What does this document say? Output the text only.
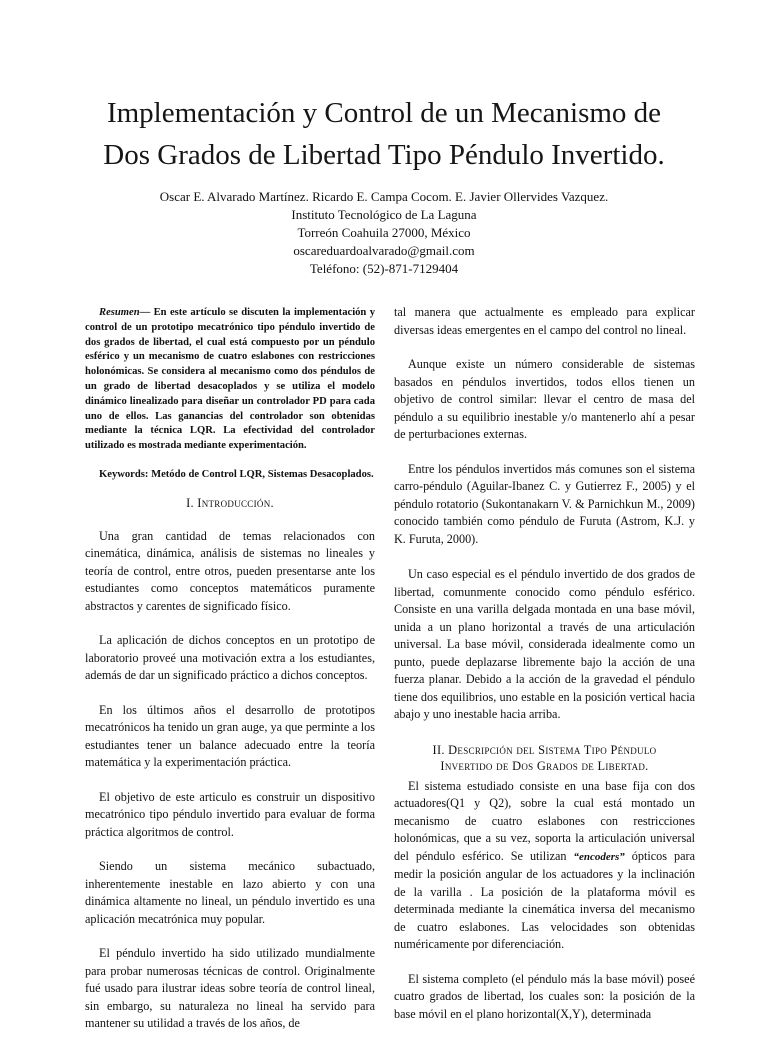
Implementación y Control de un Mecanismo de
Dos Grados de Libertad Tipo Péndulo Invertido.
Oscar E. Alvarado Martínez. Ricardo E. Campa Cocom. E. Javier Ollervides Vazquez.
Instituto Tecnológico de La Laguna
Torreón Coahuila 27000, México
oscareduardoalvarado@gmail.com
Teléfono: (52)-871-7129404

Resumen— En este artículo se discuten la implementación y control de un prototipo mecatrónico tipo péndulo invertido de dos grados de libertad, el cual está compuesto por un péndulo esférico y un mecanismo de cuatro eslabones con restricciones holonómicas. Se considera al mecanismo como dos péndulos de un grado de libertad desacoplados y se utiliza el modelo dinámico linealizado para diseñar un controlador PD para cada uno de ellos. Las ganancias del controlador son obtenidas mediante la técnica LQR. La efectividad del controlador utilizado es mostrada mediante experimentación.

Keywords: Metódo de Control LQR, Sistemas Desacoplados.

I. Introducción.

Una gran cantidad de temas relacionados con cinemática, dinámica, análisis de sistemas no lineales y teoría de control, entre otros, pueden presentarse ante los estudiantes como conceptos matemáticos puramente abstractos y carentes de significado físico.

La aplicación de dichos conceptos en un prototipo de laboratorio proveé una motivación extra a los estudiantes, además de dar un significado práctico a dichos conceptos.

En los últimos años el desarrollo de prototipos mecatrónicos ha tenido un gran auge, ya que perminte a los estudiantes tener un balance adecuado entre la teoría matemática y la experimentación práctica.

El objetivo de este articulo es construir un dispositivo mecatrónico tipo péndulo invertido para evaluar de forma práctica algoritmos de control.

Siendo un sistema mecánico subactuado, inherentemente inestable en lazo abierto y con una dinámica altamente no lineal, un péndulo invertido es una aplicación mecatrónica muy popular.

El péndulo invertido ha sido utilizado mundialmente para probar numerosas técnicas de control. Originalmente fué usado para ilustrar ideas sobre teoría de control lineal, sin embargo, su naturaleza no lineal ha servido para mantener su utilidad a través de los años, de

tal manera que actualmente es empleado para explicar diversas ideas emergentes en el campo del control no lineal.

Aunque existe un número considerable de sistemas basados en péndulos invertidos, todos ellos tienen un objetivo de control similar: llevar el centro de masa del péndulo a su equilibrio inestable y/o mantenerlo ahí a pesar de perturbaciones externas.

Entre los péndulos invertidos más comunes son el sistema carro-péndulo (Aguilar-Ibanez C. y Gutierrez F., 2005) y el péndulo rotatorio (Sukontanakarn V. & Parnichkun M., 2009) conocido también como péndulo de Furuta (Astrom, K.J. y K. Furuta, 2000).

Un caso especial es el péndulo invertido de dos grados de libertad, comunmente conocido como péndulo esférico. Consiste en una varilla delgada montada en una base móvil, unida a un plano horizontal a través de una articulación universal. La base móvil, considerada idealmente como un punto, puede deplazarse libremente bajo la acción de una fuerza planar. Debido a la acción de la gravedad el péndulo tiene dos equilibrios, uno estable en la posición vertical hacia abajo y uno inestable hacia arriba.

II. Descripción del Sistema Tipo Péndulo
Invertido de Dos Grados de Libertad.

El sistema estudiado consiste en una base fija con dos actuadores(Q1 y Q2), sobre la cual está montado un mecanismo de cuatro eslabones con restricciones holonómicas, que a su vez, soporta la articulación universal del péndulo esférico. Se utilizan “encoders” ópticos para medir la posición angular de los actuadores y la inclinación de la varilla . La posición de la plataforma móvil es determinada mediante la cinemática inversa del mecanismo de cuatro eslabones. Las velocidades son obtenidas numéricamente por diferenciación.

El sistema completo (el péndulo más la base móvil) poseé cuatro grados de libertad, los cuales son: la posición de la base móvil en el plano horizontal(X,Y), determinada
